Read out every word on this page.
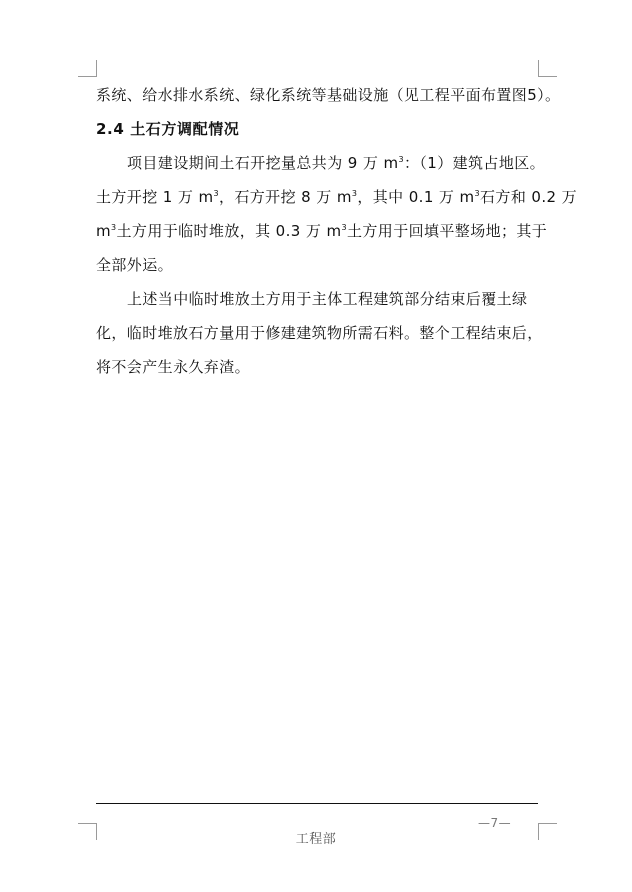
系统、给水排水系统、绿化系统等基础设施（见工程平面布置图5）。
2.4 土石方调配情况
项目建设期间土石开挖量总共为 9 万 $m^3$：（1）建筑占地区。
土方开挖 1 万 $m^3$，石方开挖 8 万 $m^3$，其中 0.1 万 $m^3$石方和 0.2 万
$m^3$土方用于临时堆放，其 0.3 万 $m^3$土方用于回填平整场地；其于
全部外运。
上述当中临时堆放土方用于主体工程建筑部分结束后覆土绿
化，临时堆放石方量用于修建建筑物所需石料。整个工程结束后，
将不会产生永久弃渣。
—7—
工程部
